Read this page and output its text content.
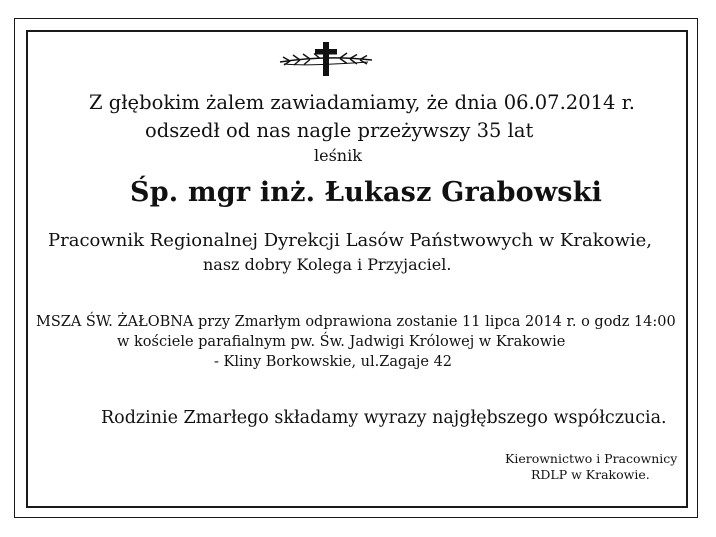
Z głębokim żalem zawiadamiamy, że dnia 06.07.2014 r.
odszedł od nas nagle przeżywszy 35 lat
leśnik
Śp. mgr inż. Łukasz Grabowski
Pracownik Regionalnej Dyrekcji Lasów Państwowych w Krakowie,
nasz dobry Kolega i Przyjaciel.
MSZA ŚW. ŻAŁOBNA przy Zmarłym odprawiona zostanie 11 lipca 2014 r. o godz 14:00
w kościele parafialnym pw. Św. Jadwigi Królowej w Krakowie
- Kliny Borkowskie, ul.Zagaje 42
Rodzinie Zmarłego składamy wyrazy najgłębszego współczucia.
Kierownictwo i Pracownicy
RDLP w Krakowie.
